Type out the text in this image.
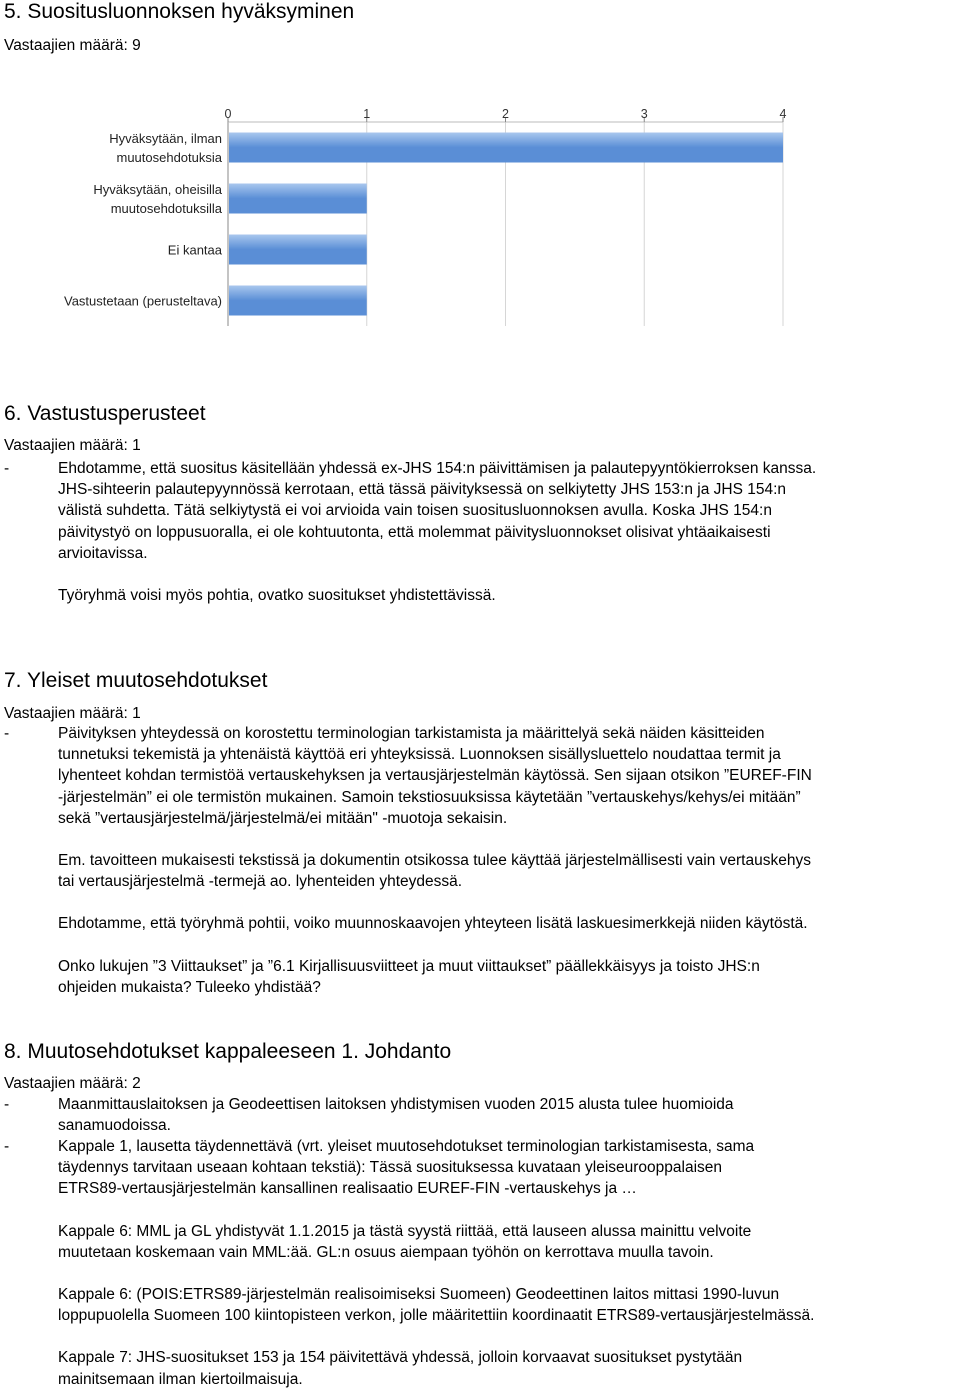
5. Suositusluonnoksen hyväksyminen
Vastaajien määrä: 9
0	1	2	3	4
Hyväksytään, ilman muutosehdotuksia
Hyväksytään, oheisilla muutosehdotuksilla
Ei kantaa
Vastustetaan (perusteltava)
6. Vastustusperusteet
Vastaajien määrä: 1
-	Ehdotamme, että suositus käsitellään yhdessä ex-JHS 154:n päivittämisen ja palautepyyntökierroksen kanssa.
JHS-sihteerin palautepyynnössä kerrotaan, että tässä päivityksessä on selkiytetty JHS 153:n ja JHS 154:n
välistä suhdetta. Tätä selkiytystä ei voi arvioida vain toisen suositusluonnoksen avulla. Koska JHS 154:n
päivitystyö on loppusuoralla, ei ole kohtuutonta, että molemmat päivitysluonnokset olisivat yhtäaikaisesti
arvioitavissa.

Työryhmä voisi myös pohtia, ovatko suositukset yhdistettävissä.

7. Yleiset muutosehdotukset
Vastaajien määrä: 1
-	Päivityksen yhteydessä on korostettu terminologian tarkistamista ja määrittelyä sekä näiden käsitteiden
tunnetuksi tekemistä ja yhtenäistä käyttöä eri yhteyksissä. Luonnoksen sisällysluettelo noudattaa termit ja
lyhenteet kohdan termistöä vertauskehyksen ja vertausjärjestelmän käytössä. Sen sijaan otsikon ”EUREF-FIN
-järjestelmän” ei ole termistön mukainen. Samoin tekstiosuuksissa käytetään ”vertauskehys/kehys/ei mitään”
sekä ”vertausjärjestelmä/järjestelmä/ei mitään" -muotoja sekaisin.

Em. tavoitteen mukaisesti tekstissä ja dokumentin otsikossa tulee käyttää järjestelmällisesti vain vertauskehys
tai vertausjärjestelmä -termejä ao. lyhenteiden yhteydessä.

Ehdotamme, että työryhmä pohtii, voiko muunnoskaavojen yhteyteen lisätä laskuesimerkkejä niiden käytöstä.

Onko lukujen ”3 Viittaukset” ja ”6.1 Kirjallisuusviitteet ja muut viittaukset” päällekkäisyys ja toisto JHS:n
ohjeiden mukaista? Tuleeko yhdistää?

8. Muutosehdotukset kappaleeseen 1. Johdanto
Vastaajien määrä: 2
-	Maanmittauslaitoksen ja Geodeettisen laitoksen yhdistymisen vuoden 2015 alusta tulee huomioida
sanamuodoissa.

-	Kappale 1, lausetta täydennettävä (vrt. yleiset muutosehdotukset terminologian tarkistamisesta, sama
täydennys tarvitaan useaan kohtaan tekstiä): Tässä suosituksessa kuvataan yleiseurooppalaisen
ETRS89-vertausjärjestelmän kansallinen realisaatio EUREF-FIN -vertauskehys ja …

Kappale 6: MML ja GL yhdistyvät 1.1.2015 ja tästä syystä riittää, että lauseen alussa mainittu velvoite
muutetaan koskemaan vain MML:ää. GL:n osuus aiempaan työhön on kerrottava muulla tavoin.

Kappale 6: (POIS:ETRS89-järjestelmän realisoimiseksi Suomeen) Geodeettinen laitos mittasi 1990-luvun
loppupuolella Suomeen 100 kiintopisteen verkon, jolle määritettiin koordinaatit ETRS89-vertausjärjestelmässä.

Kappale 7: JHS-suositukset 153 ja 154 päivitettävä yhdessä, jolloin korvaavat suositukset pystytään
mainitsemaan ilman kiertoilmaisuja.
